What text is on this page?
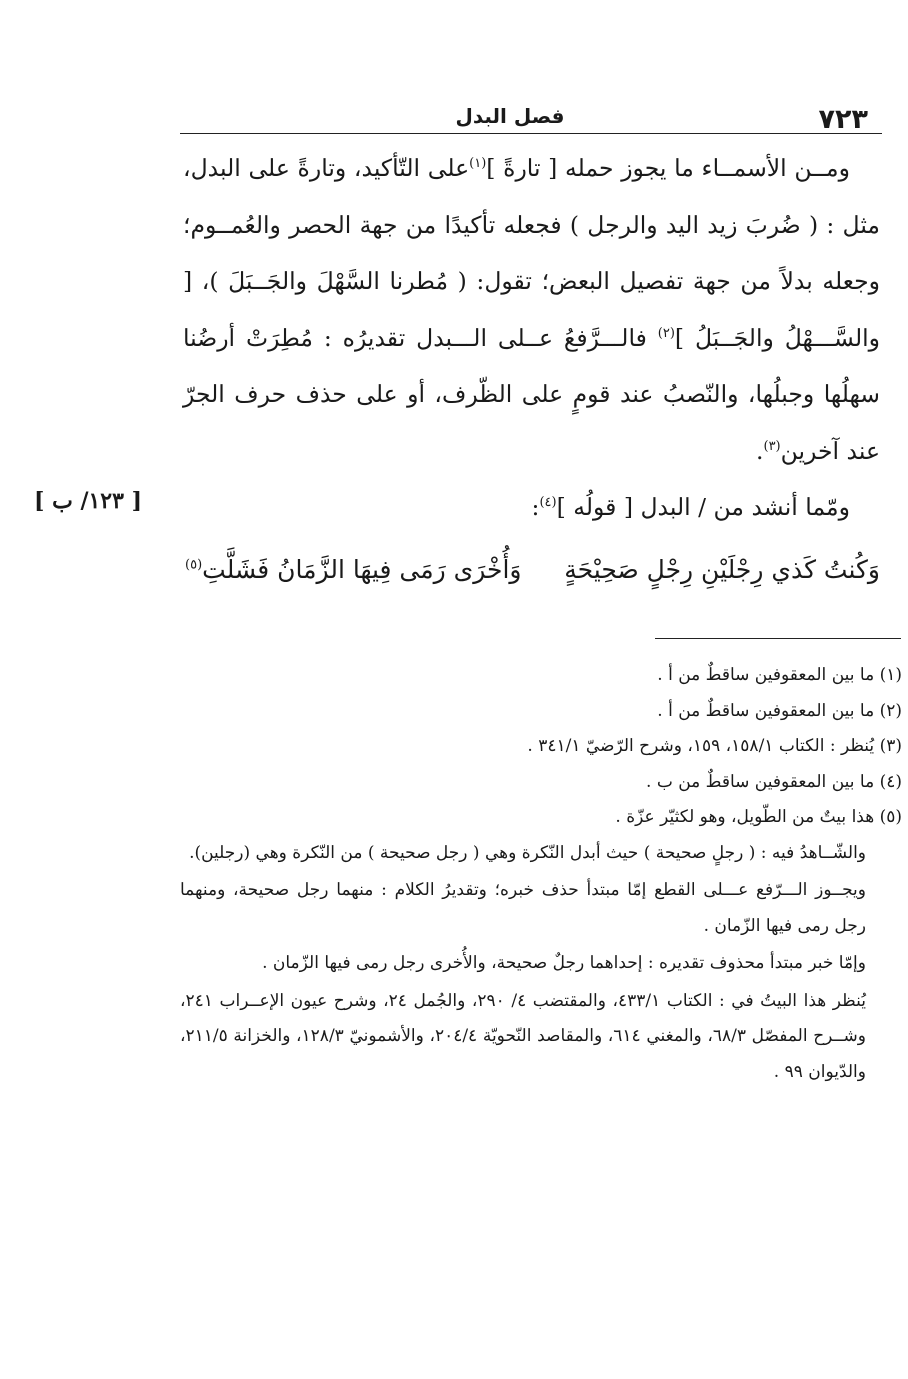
٧٢٣
فصل البدل

ومــن الأسمــاء ما يجوز حمله [ تارةً ]$^{(١)}$على التّأكيد، وتارةً على البدل، مثل : ( ضُربَ زيد اليد والرجل ) فجعله تأكيدًا من جهة الحصر والعُمــوم؛ وجعله بدلاً من جهة تفصيل البعض؛ تقول: ( مُطرنا السَّهْلَ والجَــبَلَ )، [ والسَّـــهْلُ والجَــبَلُ ]$^{(٢)}$ فالـــرَّفعُ عــلى الـــبدل تقديرُه : مُطِرَتْ أرضُنا سهلُها وجبلُها، والنّصبُ عند قومٍ على الظّرف، أو على حذف حرف الجرّ عند آخرين$^{(٣)}$.

ومّما أنشد من / البدل [ قولُه ]$^{(٤)}$:

[ ١٢٣/ ب ]
وَكُنتُ كَذي رِجْلَيْنِ رِجْلٍ صَحِيْحَةٍ
وَأُخْرَى رَمَى فِيهَا الزَّمَانُ فَشَلَّتِ$^{(٥)}$

(١) ما بين المعقوفين ساقطٌ من أ .

(٢) ما بين المعقوفين ساقطٌ من أ .

(٣) يُنظر : الكتاب ١٥٨/١، ١٥٩، وشرح الرّضيّ ٣٤١/١ .

(٤) ما بين المعقوفين ساقطٌ من ب .

(٥) هذا بيتٌ من الطّويل، وهو لكثيّر عزّة .

والشّــاهدُ فيه : ( رجلٍ صحيحة ) حيث أبدل النّكرة وهي ( رجل صحيحة ) من النّكرة وهي (رجلين).

ويجــوز الـــرّفع عـــلى القطع إمّا مبتدأ حذف خبره؛ وتقديرُ الكلام : منهما رجل صحيحة، ومنهما رجل رمى فيها الزّمان .

وإمّا خبر مبتدأ محذوف تقديره : إحداهما رجلٌ صحيحة، والأُخرى رجل رمى فيها الزّمان .

يُنظر هذا البيتُ في : الكتاب ٤٣٣/١، والمقتضب ٤/ ٢٩٠، والجُمل ٢٤، وشرح عيون الإعــراب ٢٤١، وشــرح المفصّل ٦٨/٣، والمغني ٦١٤، والمقاصد النّحويّة ٢٠٤/٤، والأشمونيّ ١٢٨/٣، والخزانة ٢١١/٥، والدّيوان ٩٩ .
